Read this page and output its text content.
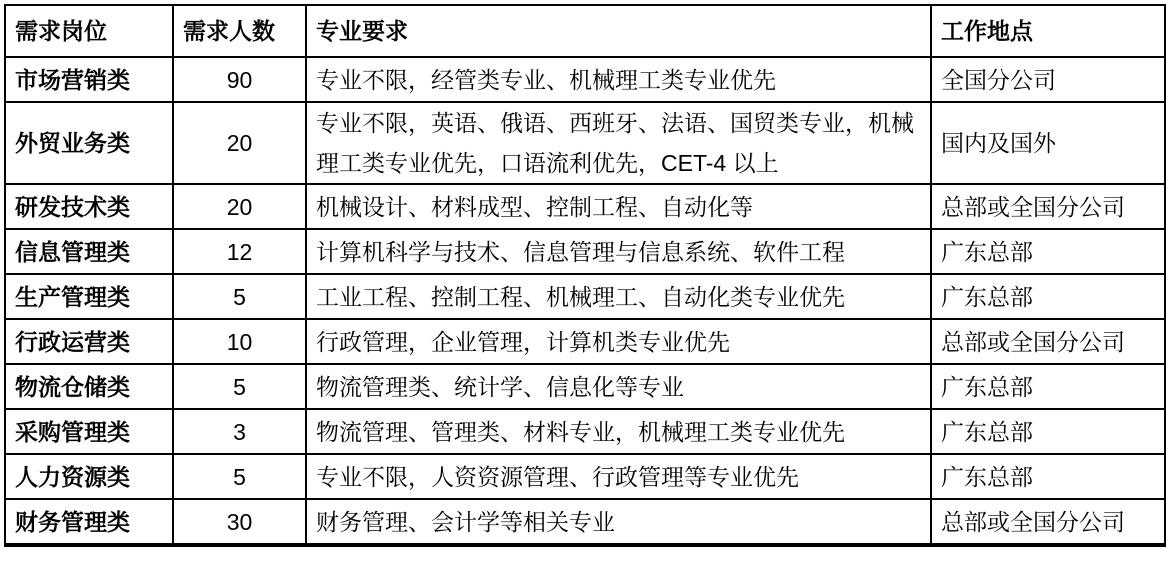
需求岗位	需求人数	专业要求	工作地点
市场营销类	90	专业不限，经管类专业、机械理工类专业优先	全国分公司
外贸业务类	20	专业不限，英语、俄语、西班牙、法语、国贸类专业，机械理工类专业优先，口语流利优先，CET-4 以上	国内及国外
研发技术类	20	机械设计、材料成型、控制工程、自动化等	总部或全国分公司
信息管理类	12	计算机科学与技术、信息管理与信息系统、软件工程	广东总部
生产管理类	5	工业工程、控制工程、机械理工、自动化类专业优先	广东总部
行政运营类	10	行政管理，企业管理，计算机类专业优先	总部或全国分公司
物流仓储类	5	物流管理类、统计学、信息化等专业	广东总部
采购管理类	3	物流管理、管理类、材料专业，机械理工类专业优先	广东总部
人力资源类	5	专业不限，人资资源管理、行政管理等专业优先	广东总部
财务管理类	30	财务管理、会计学等相关专业	总部或全国分公司
